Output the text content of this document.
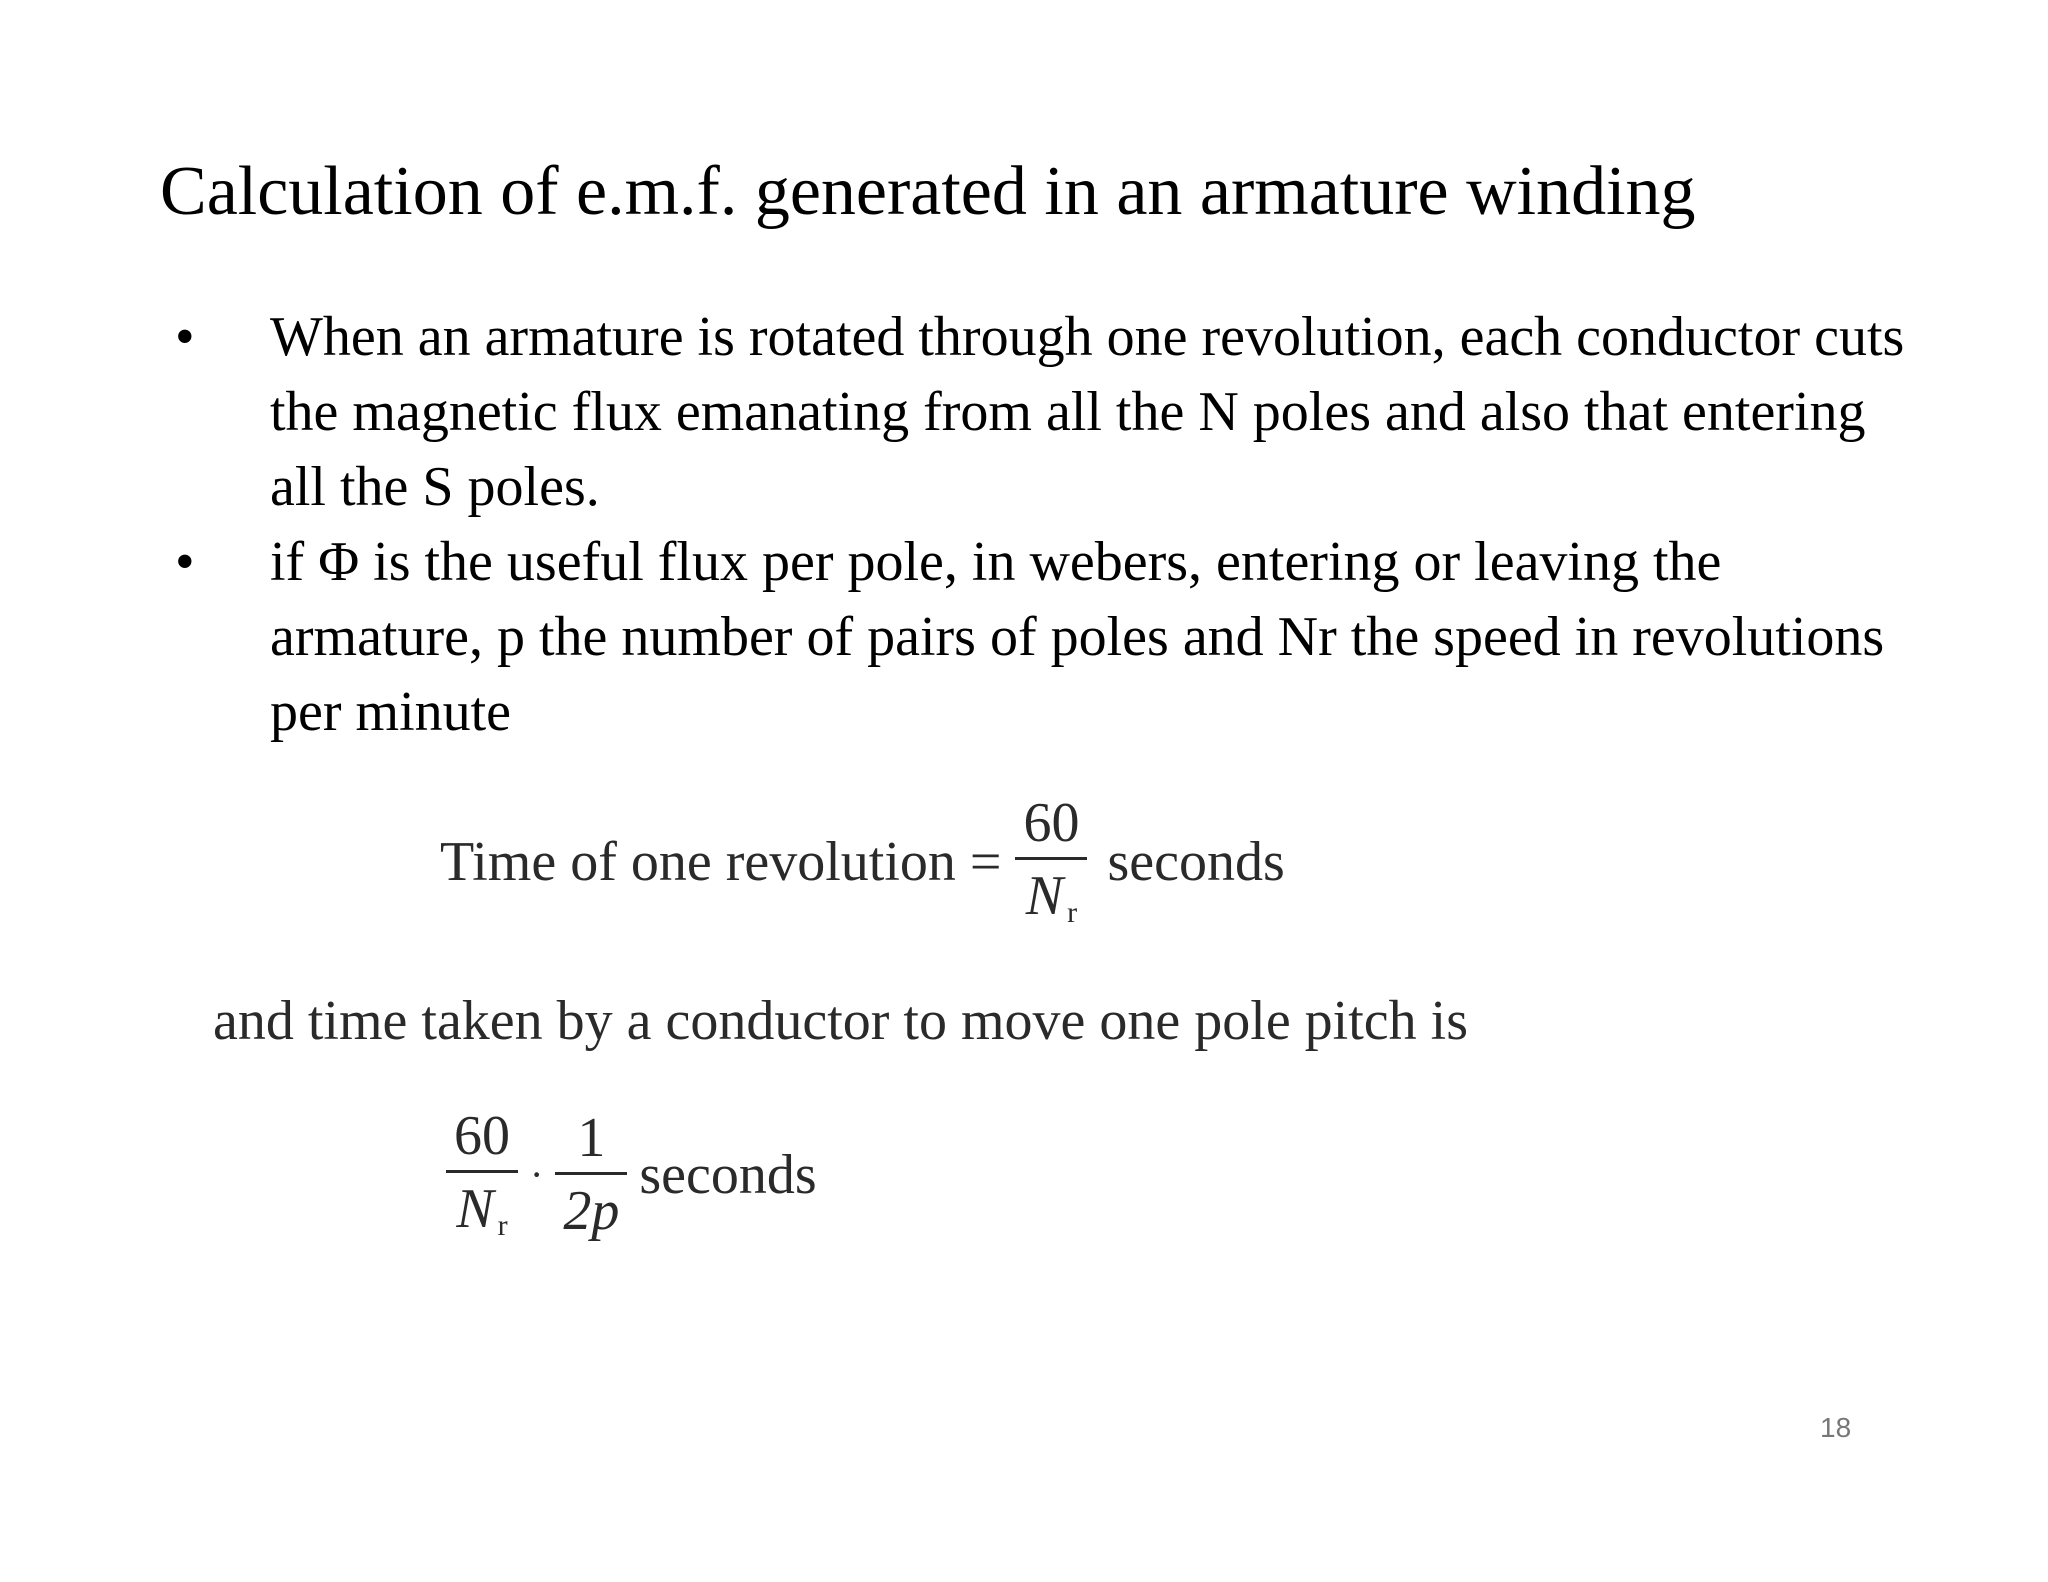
Calculation of e.m.f. generated in an armature winding
• When an armature is rotated through one revolution, each conductor cuts the magnetic flux emanating from all the N poles and also that entering all the S poles.
• if Φ is the useful flux per pole, in webers, entering or leaving the armature, p the number of pairs of poles and Nr the speed in revolutions per minute
Time of one revolution = $\frac{60}{N _r}$ seconds
and time taken by a conductor to move one pole pitch is
$\frac{60}{N _r} \cdot \frac{1}{2p}$ seconds
18
